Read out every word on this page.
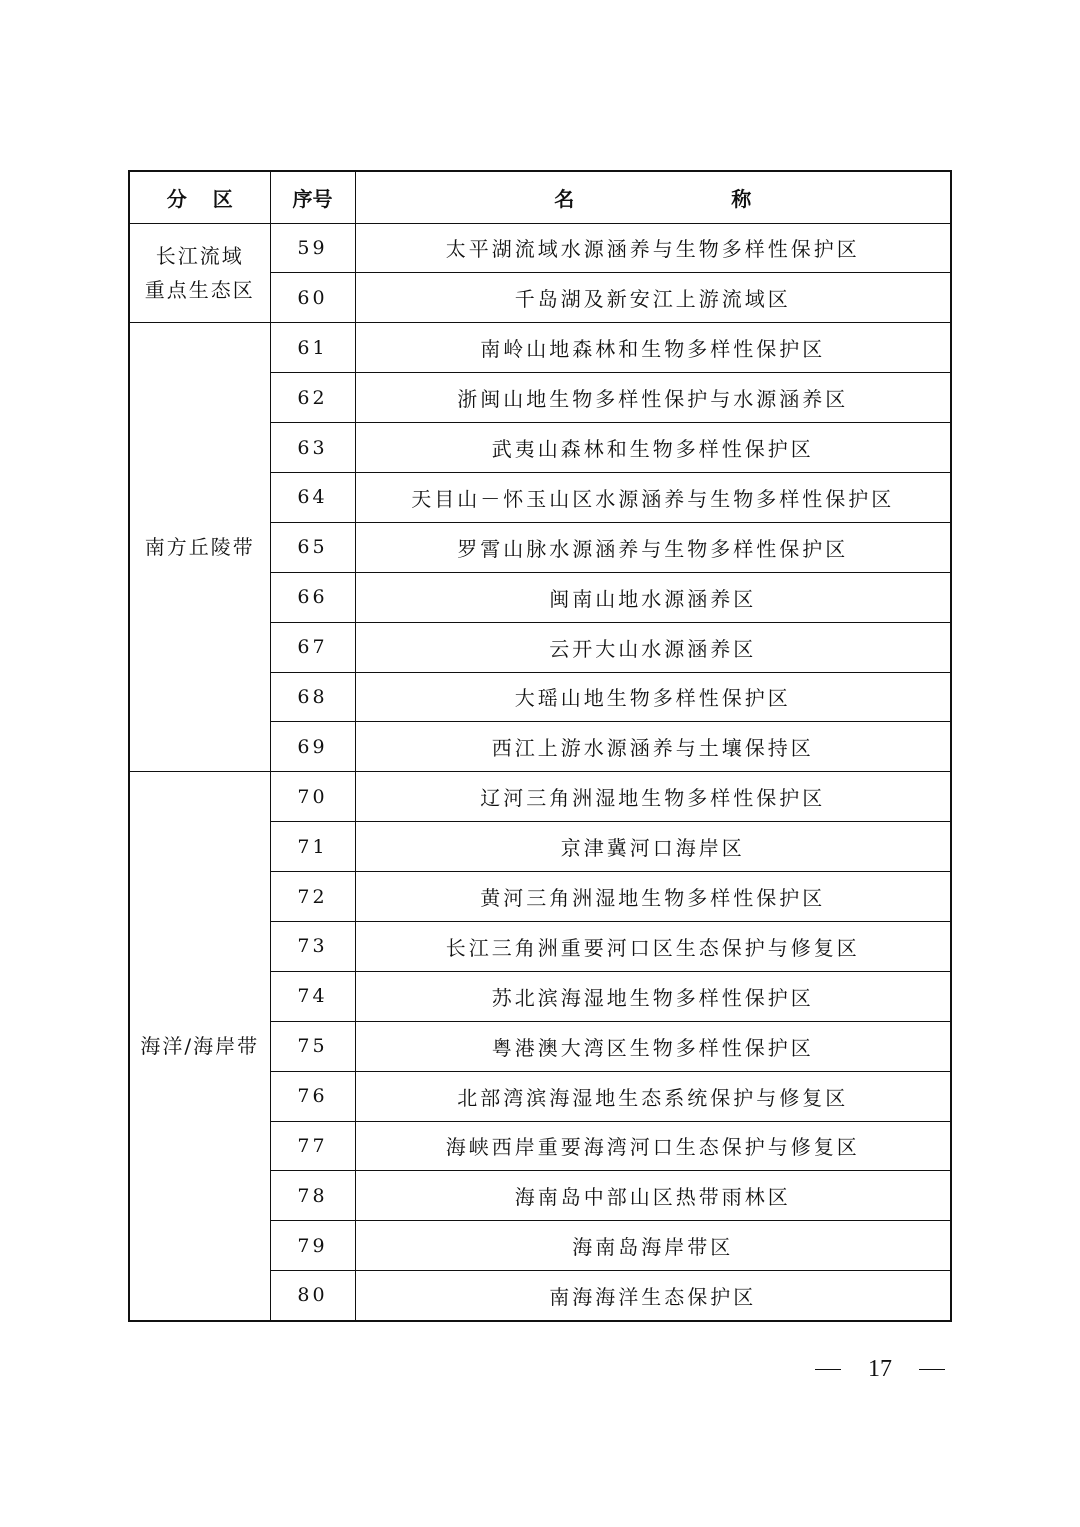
分区	序号	名 称
长江流域
重点生态区	59	太平湖流域水源涵养与生物多样性保护区
	60	千岛湖及新安江上游流域区
南方丘陵带	61	南岭山地森林和生物多样性保护区
	62	浙闽山地生物多样性保护与水源涵养区
	63	武夷山森林和生物多样性保护区
	64	天目山－怀玉山区水源涵养与生物多样性保护区
	65	罗霄山脉水源涵养与生物多样性保护区
	66	闽南山地水源涵养区
	67	云开大山水源涵养区
	68	大瑶山地生物多样性保护区
	69	西江上游水源涵养与土壤保持区
海洋/海岸带	70	辽河三角洲湿地生物多样性保护区
	71	京津冀河口海岸区
	72	黄河三角洲湿地生物多样性保护区
	73	长江三角洲重要河口区生态保护与修复区
	74	苏北滨海湿地生物多样性保护区
	75	粤港澳大湾区生物多样性保护区
	76	北部湾滨海湿地生态系统保护与修复区
	77	海峡西岸重要海湾河口生态保护与修复区
	78	海南岛中部山区热带雨林区
	79	海南岛海岸带区
	80	南海海洋生态保护区
17
